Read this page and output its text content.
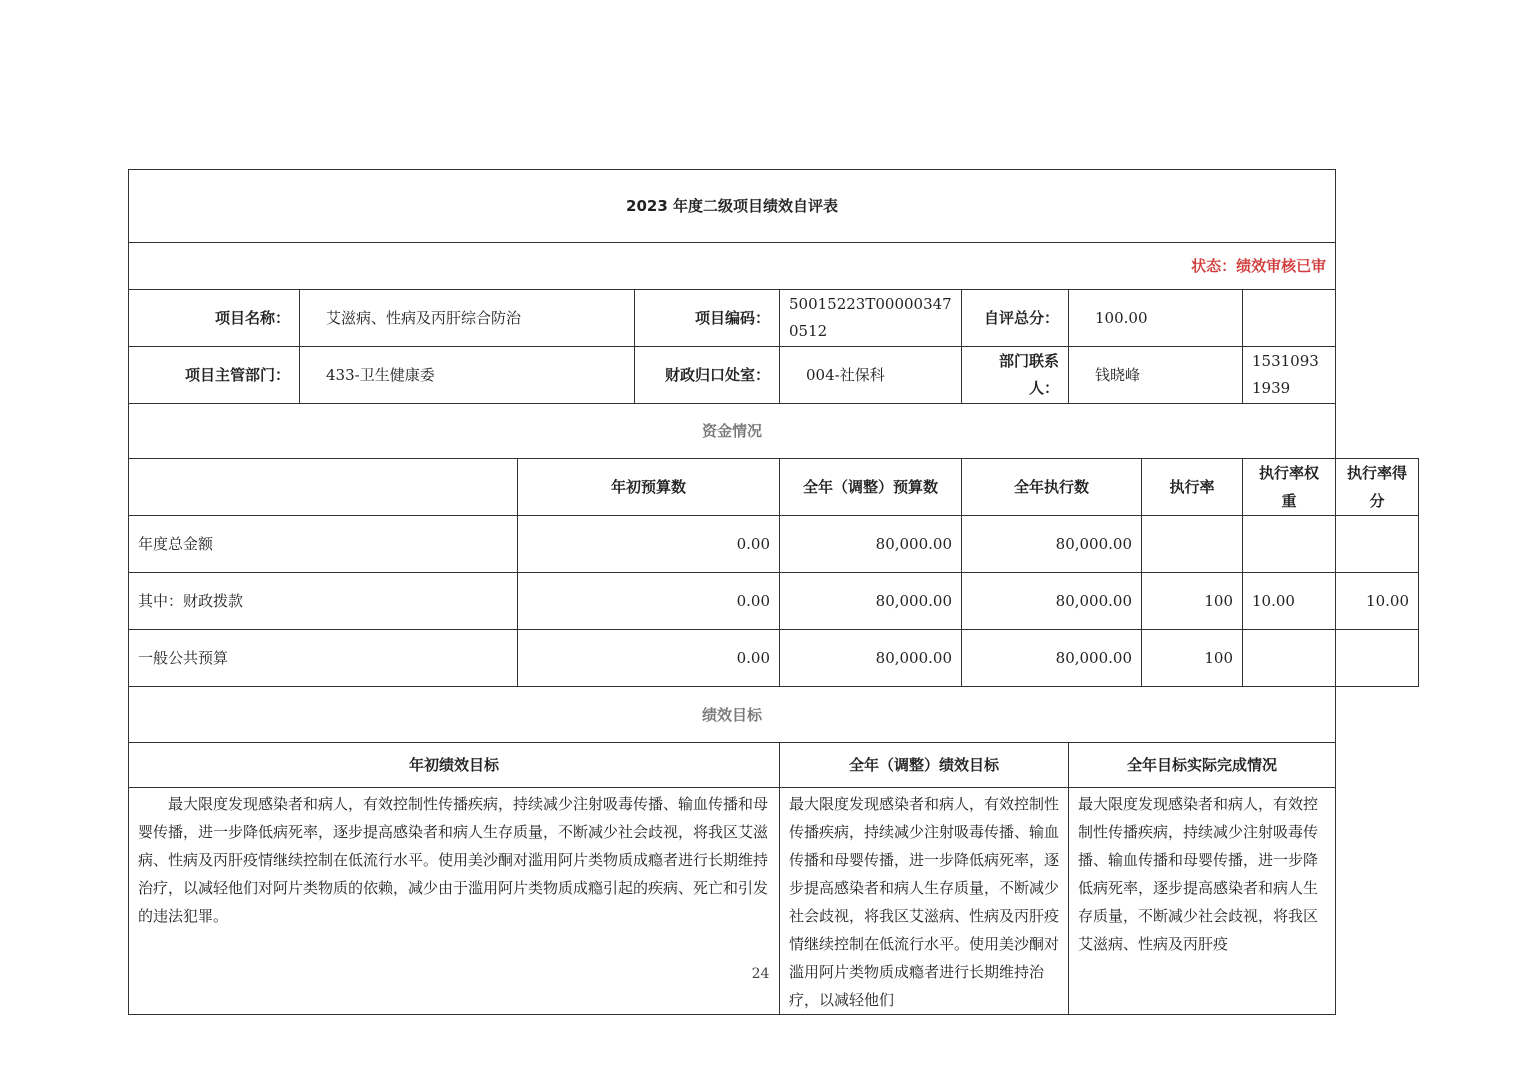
2023 年度二级项目绩效自评表									
状态：绩效审核已审									
项目名称：	艾滋病、性病及丙肝综合防治		项目编码：	50015223T000003470512	自评总分：	100.00			
项目主管部门：	433-卫生健康委		财政归口处室：	004-社保科	部门联系人：	钱晓峰		15310931939	
资金情况									
		年初预算数		全年（调整）预算数	全年执行数		执行率	执行率权重	执行率得分
年度总金额		0.00		80,000.00	80,000.00				
其中：财政拨款		0.00		80,000.00	80,000.00		100	10.00	10.00
一般公共预算		0.00		80,000.00	80,000.00		100		
绩效目标									
年初绩效目标				全年（调整）绩效目标		全年目标实际完成情况			
最大限度发现感染者和病人，有效控制性传播疾病，持续减少注射吸毒传播、输血传播和母婴传播，进一步降低病死率，逐步提高感染者和病人生存质量，不断减少社会歧视，将我区艾滋病、性病及丙肝疫情继续控制在低流行水平。使用美沙酮对滥用阿片类物质成瘾者进行长期维持治疗，以减轻他们对阿片类物质的依赖，减少由于滥用阿片类物质成瘾引起的疾病、死亡和引发的违法犯罪。				最大限度发现感染者和病人，有效控制性传播疾病，持续减少注射吸毒传播、输血传播和母婴传播，进一步降低病死率，逐步提高感染者和病人生存质量，不断减少社会歧视，将我区艾滋病、性病及丙肝疫情继续控制在低流行水平。使用美沙酮对滥用阿片类物质成瘾者进行长期维持治疗，以减轻他们		最大限度发现感染者和病人，有效控制性传播疾病，持续减少注射吸毒传播、输血传播和母婴传播，进一步降低病死率，逐步提高感染者和病人生存质量，不断减少社会歧视，将我区艾滋病、性病及丙肝疫			
24
